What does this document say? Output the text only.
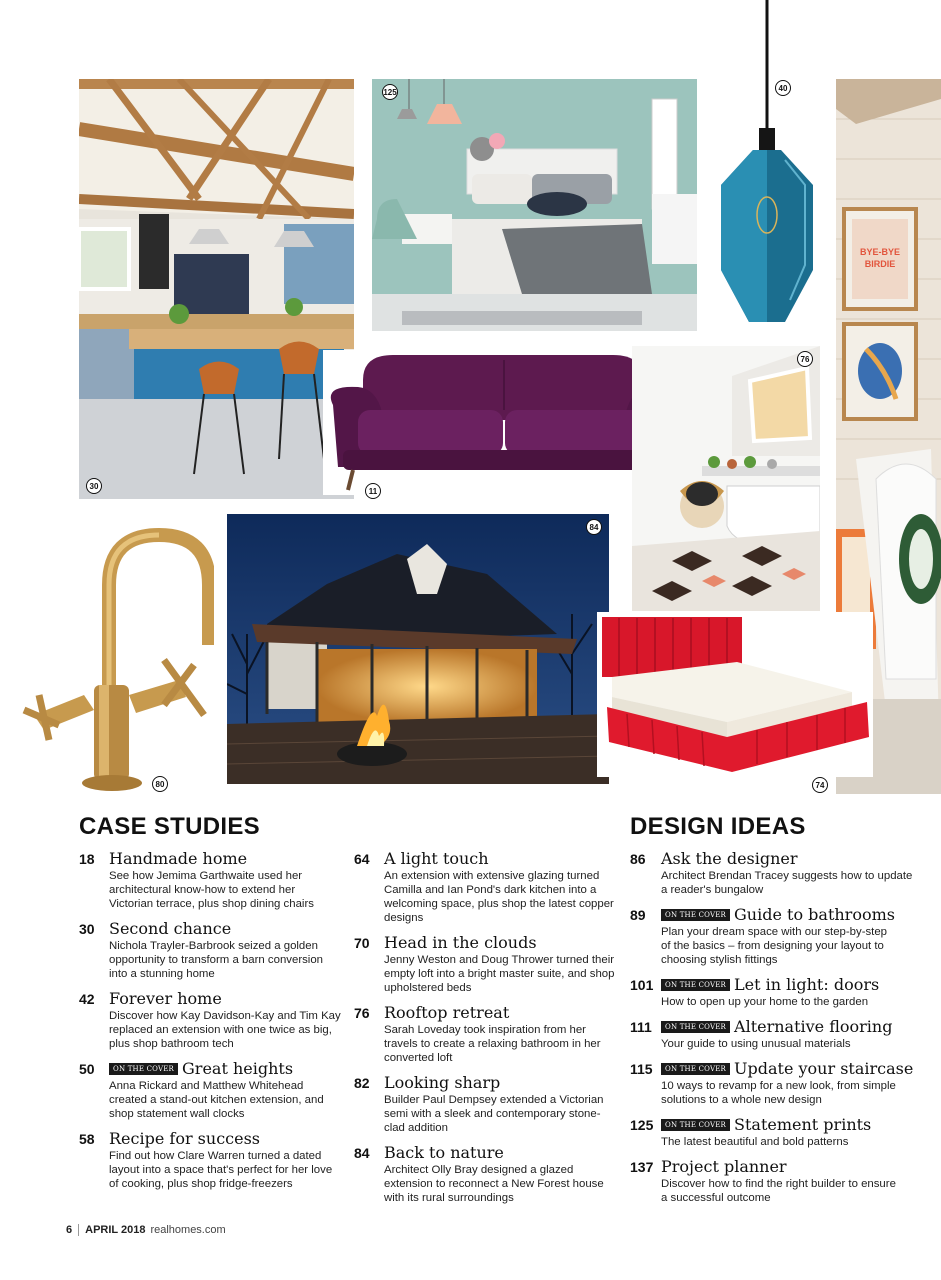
30
125	40
BYE-BYE
BIRDIE
11
76
80
84
74
CASE STUDIES
18 Handmade home
See how Jemima Garthwaite used her architectural know-how to extend her Victorian terrace, plus shop dining chairs
30 Second chance
Nichola Trayler-Barbrook seized a golden opportunity to transform a barn conversion into a stunning home
42 Forever home
Discover how Kay Davidson-Kay and Tim Kay replaced an extension with one twice as big, plus shop bathroom tech
50	ON THE COVER Great heights
Anna Rickard and Matthew Whitehead created a stand-out kitchen extension, and shop statement wall clocks
58 Recipe for success
Find out how Clare Warren turned a dated layout into a space that's perfect for her love of cooking, plus shop fridge-freezers
64 A light touch
An extension with extensive glazing turned Camilla and Ian Pond's dark kitchen into a welcoming space, plus shop the latest copper designs
70 Head in the clouds
Jenny Weston and Doug Thrower turned their empty loft into a bright master suite, and shop upholstered beds
76 Rooftop retreat
Sarah Loveday took inspiration from her travels to create a relaxing bathroom in her converted loft
82 Looking sharp
Builder Paul Dempsey extended a Victorian semi with a sleek and contemporary stone-clad addition
84 Back to nature
Architect Olly Bray designed a glazed extension to reconnect a New Forest house with its rural surroundings
DESIGN IDEAS
86 Ask the designer
Architect Brendan Tracey suggests how to update a reader's bungalow
89	ON THE COVER Guide to bathrooms
Plan your dream space with our step-by-step of the basics – from designing your layout to choosing stylish fittings
101	ON THE COVER Let in light: doors
How to open up your home to the garden
111	ON THE COVER Alternative flooring
Your guide to using unusual materials
115	ON THE COVER Update your staircase
10 ways to revamp for a new look, from simple solutions to a whole new design
125	ON THE COVER Statement prints
The latest beautiful and bold patterns
137 Project planner
Discover how to find the right builder to ensure a successful outcome
6	APRIL 2018 realhomes.com
